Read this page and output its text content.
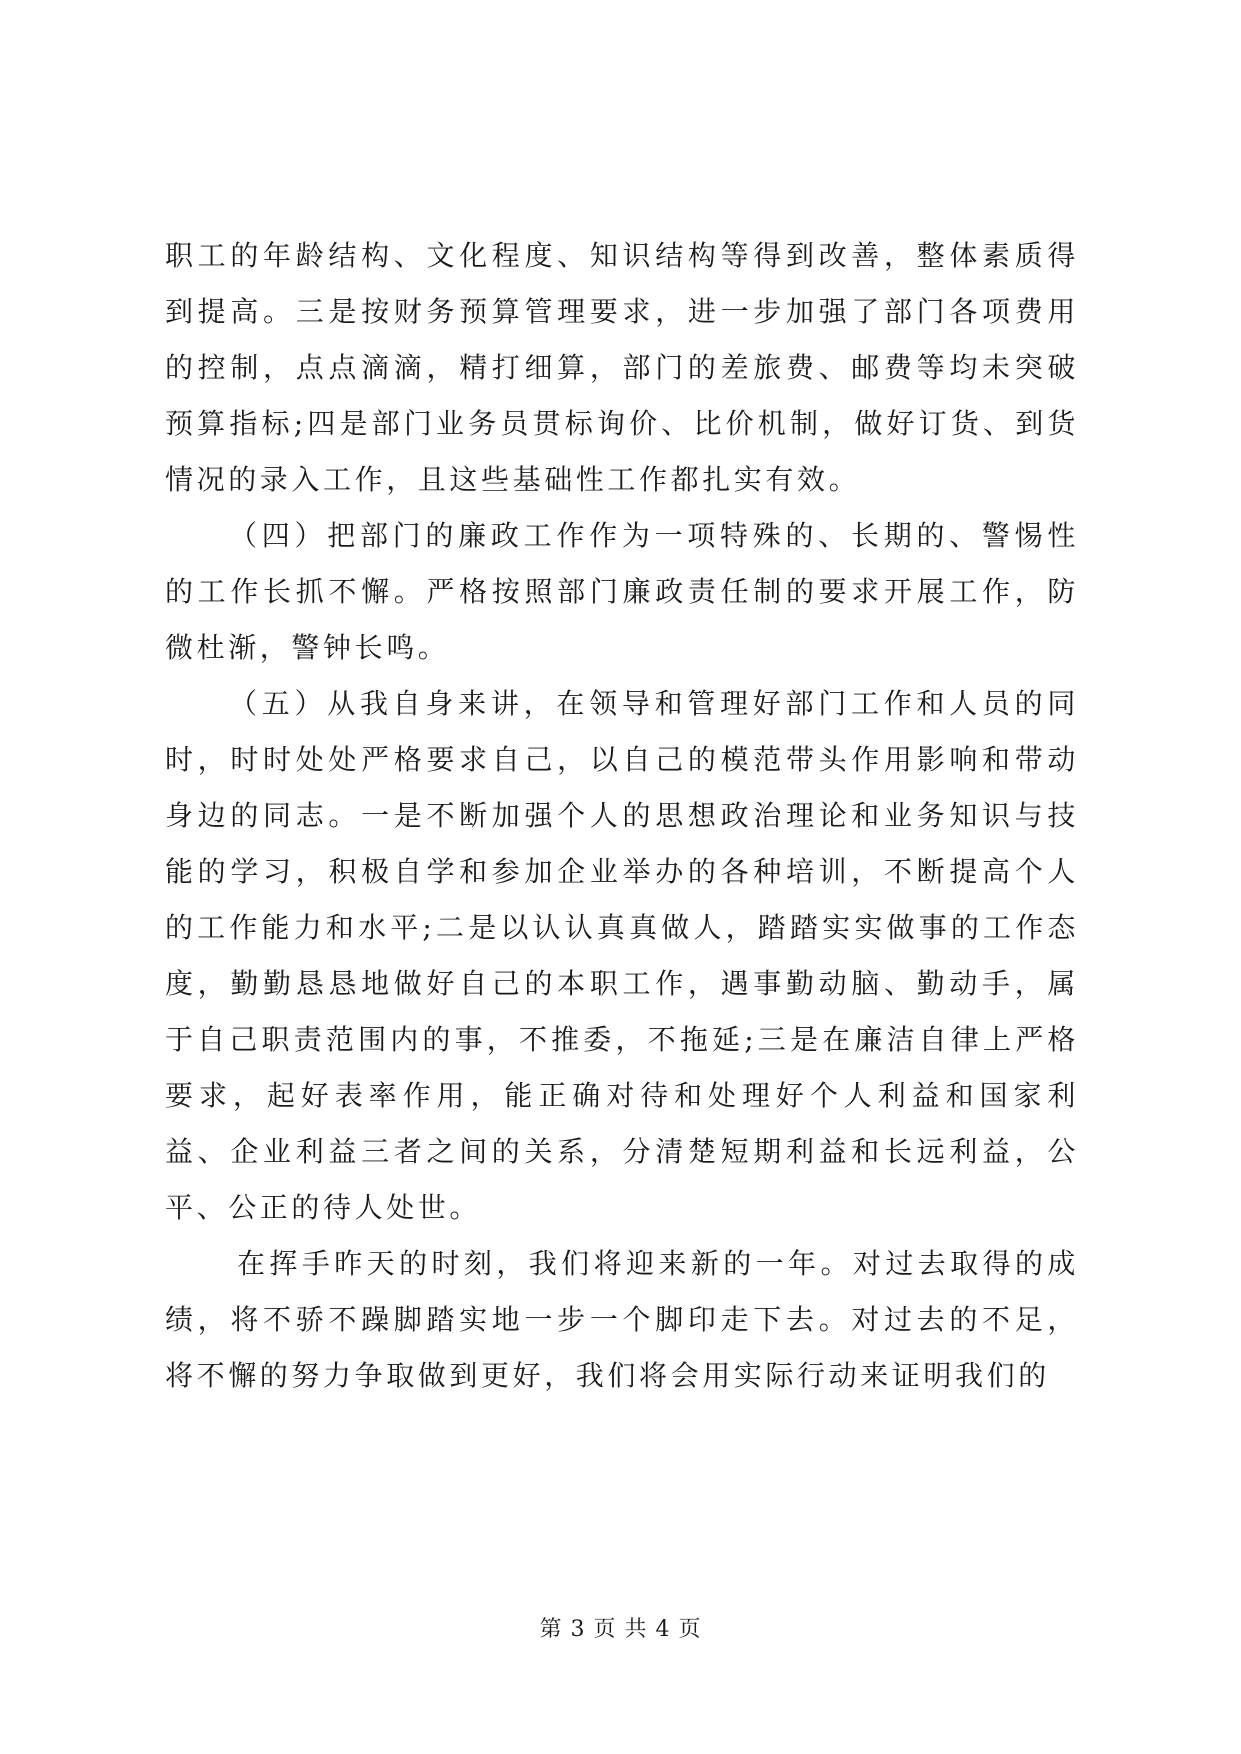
职工的年龄结构、文化程度、知识结构等得到改善，整体素质得到提高。三是按财务预算管理要求，进一步加强了部门各项费用的控制，点点滴滴，精打细算，部门的差旅费、邮费等均未突破预算指标;四是部门业务员贯标询价、比价机制，做好订货、到货情况的录入工作，且这些基础性工作都扎实有效。

（四）把部门的廉政工作作为一项特殊的、长期的、警惕性的工作长抓不懈。严格按照部门廉政责任制的要求开展工作，防微杜渐，警钟长鸣。

（五）从我自身来讲，在领导和管理好部门工作和人员的同时，时时处处严格要求自己，以自己的模范带头作用影响和带动身边的同志。一是不断加强个人的思想政治理论和业务知识与技能的学习，积极自学和参加企业举办的各种培训，不断提高个人的工作能力和水平;二是以认认真真做人，踏踏实实做事的工作态度，勤勤恳恳地做好自己的本职工作，遇事勤动脑、勤动手，属于自己职责范围内的事，不推委，不拖延;三是在廉洁自律上严格要求，起好表率作用，能正确对待和处理好个人利益和国家利益、企业利益三者之间的关系，分清楚短期利益和长远利益，公平、公正的待人处世。

在挥手昨天的时刻，我们将迎来新的一年。对过去取得的成绩，将不骄不躁脚踏实地一步一个脚印走下去。对过去的不足，将不懈的努力争取做到更好，我们将会用实际行动来证明我们的

第 3 页 共 4 页
